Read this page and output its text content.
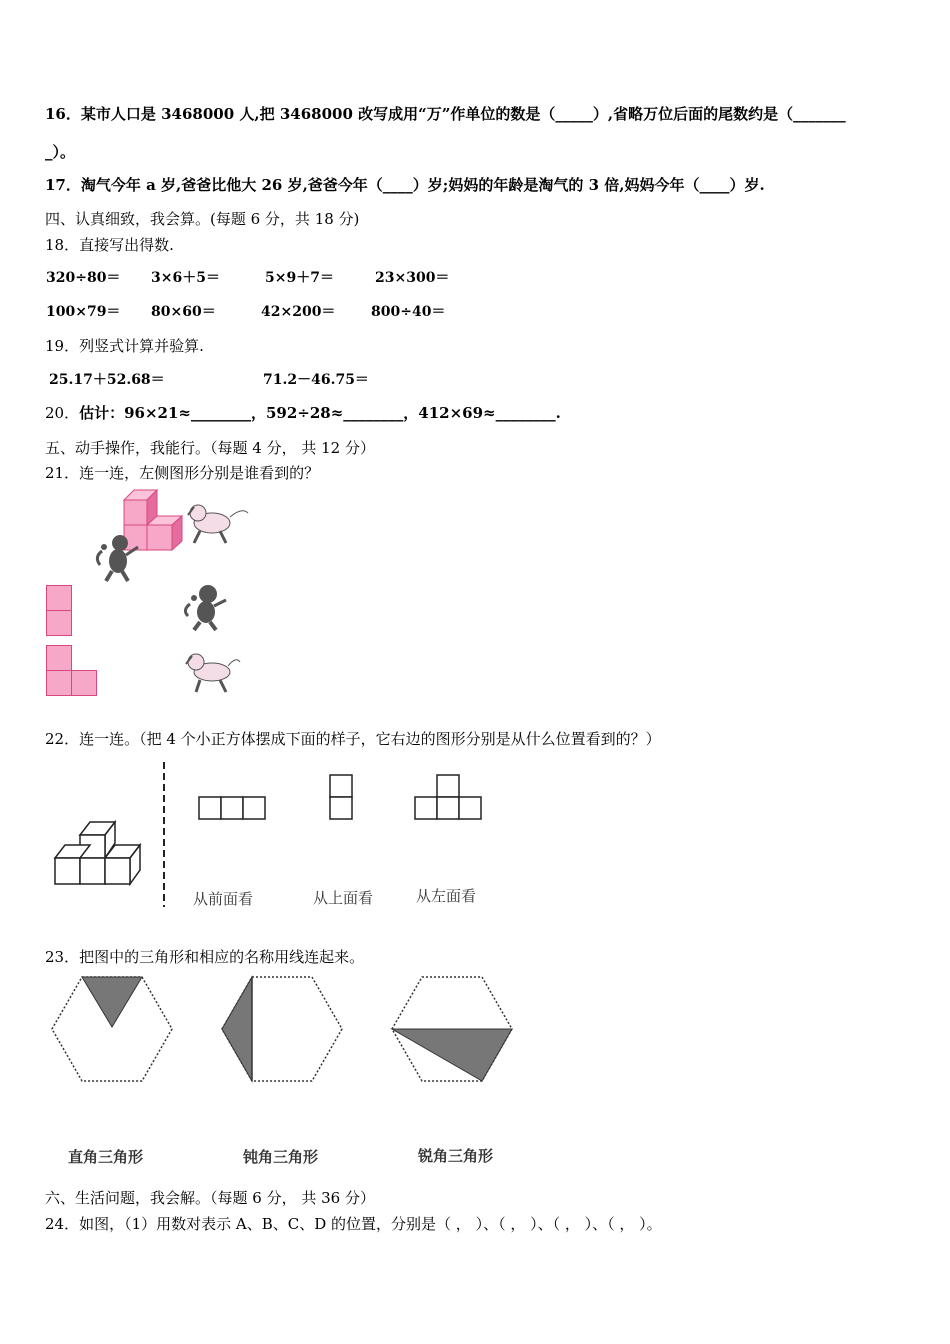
16．某市人口是 3468000 人,把 3468000 改写成用“万”作单位的数是（_____）,省略万位后面的尾数约是（_______
_）。
17．淘气今年 a 岁,爸爸比他大 26 岁,爸爸今年（____）岁;妈妈的年龄是淘气的 3 倍,妈妈今年（____）岁.
四、认真细致，我会算。(每题 6 分，共 18 分)
18．直接写出得数.
320÷80＝ 3×6＋5＝	5×9＋7＝	23×300＝
100×79＝ 80×60＝	42×200＝	800÷40＝
19．列竖式计算并验算.
25.17＋52.68＝	71.2－46.75＝
20．估计：96×21≈________，592÷28≈________，412×69≈________.
五、动手操作，我能行。（每题 4 分， 共 12 分）
21．连一连，左侧图形分别是谁看到的？
22．连一连。（把 4 个小正方体摆成下面的样子，它右边的图形分别是从什么位置看到的？）
从前面看	从上面看	从左面看
23．把图中的三角形和相应的名称用线连起来。
直角三角形	钝角三角形	锐角三角形
六、生活问题，我会解。（每题 6 分， 共 36 分）
24．如图，（1）用数对表示 A、B、C、D 的位置，分别是（ ， ）、（ ， ）、（ ， ）、（ ， ）。
